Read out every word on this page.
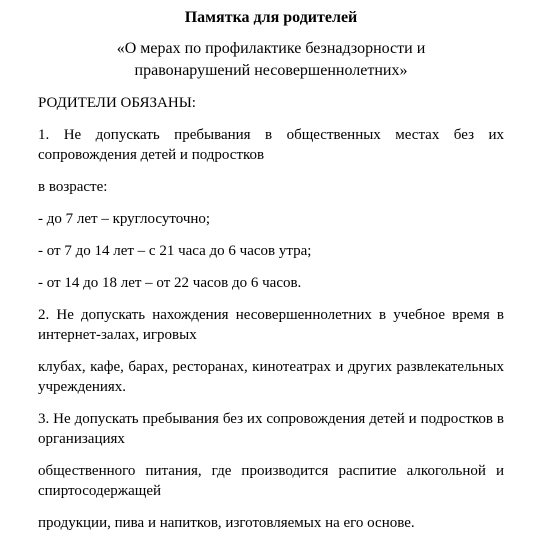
Памятка для родителей
«О мерах по профилактике безнадзорности и
правонарушений несовершеннолетних»
РОДИТЕЛИ ОБЯЗАНЫ:

1. Не допускать пребывания в общественных местах без их сопровождения детей и подростков

в возрасте:

- до 7 лет – круглосуточно;

- от 7 до 14 лет – с 21 часа до 6 часов утра;

- от 14 до 18 лет – от 22 часов до 6 часов.

2. Не допускать нахождения несовершеннолетних в учебное время в интернет-залах, игровых

клубах, кафе, барах, ресторанах, кинотеатрах и других развлекательных учреждениях.

3. Не допускать пребывания без их сопровождения детей и подростков в организациях

общественного питания, где производится распитие алкогольной и спиртосодержащей

продукции, пива и напитков, изготовляемых на его основе.
